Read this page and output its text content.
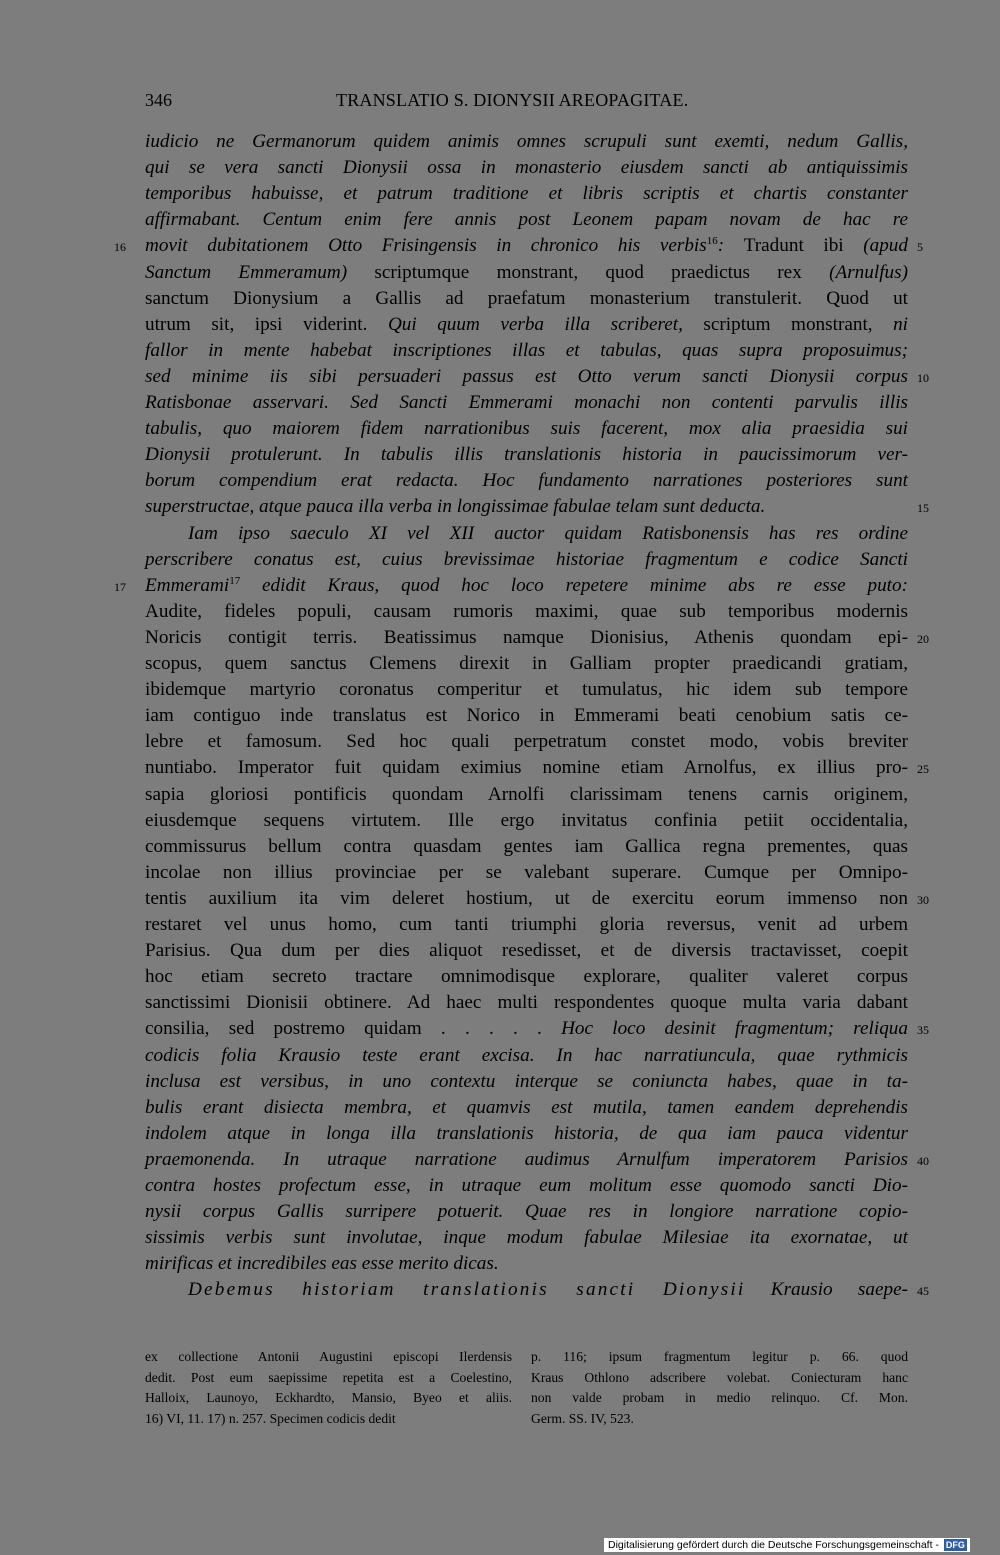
346	TRANSLATIO S. DIONYSII AREOPAGITAE.
iudicio ne Germanorum quidem animis omnes scrupuli sunt exemti, nedum Gallis,
qui se vera sancti Dionysii ossa in monasterio eiusdem sancti ab antiquissimis
temporibus habuisse, et patrum traditione et libris scriptis et chartis constanter
affirmabant. Centum enim fere annis post Leonem papam novam de hac re
movit dubitationem Otto Frisingensis in chronico his verbis$^{16}$: Tradunt ibi (apud
Sanctum Emmeramum) scriptumque monstrant, quod praedictus rex (Arnulfus)
sanctum Dionysium a Gallis ad praefatum monasterium transtulerit. Quod ut
utrum sit, ipsi viderint. Qui quum verba illa scriberet, scriptum monstrant, ni
fallor in mente habebat inscriptiones illas et tabulas, quas supra proposuimus;
sed minime iis sibi persuaderi passus est Otto verum sancti Dionysii corpus
Ratisbonae asservari. Sed Sancti Emmerami monachi non contenti parvulis illis
tabulis, quo maiorem fidem narrationibus suis facerent, mox alia praesidia sui
Dionysii protulerunt. In tabulis illis translationis historia in paucissimorum ver-
borum compendium erat redacta. Hoc fundamento narrationes posteriores sunt
superstructae, atque pauca illa verba in longissimae fabulae telam sunt deducta.
Iam ipso saeculo XI vel XII auctor quidam Ratisbonensis has res ordine
perscribere conatus est, cuius brevissimae historiae fragmentum e codice Sancti
Emmerami$^{17}$ edidit Kraus, quod hoc loco repetere minime abs re esse puto:
Audite, fideles populi, causam rumoris maximi, quae sub temporibus modernis
Noricis contigit terris. Beatissimus namque Dionisius, Athenis quondam epi-
scopus, quem sanctus Clemens direxit in Galliam propter praedicandi gratiam,
ibidemque martyrio coronatus comperitur et tumulatus, hic idem sub tempore
iam contiguo inde translatus est Norico in Emmerami beati cenobium satis ce-
lebre et famosum. Sed hoc quali perpetratum constet modo, vobis breviter
nuntiabo. Imperator fuit quidam eximius nomine etiam Arnolfus, ex illius pro-
sapia gloriosi pontificis quondam Arnolfi clarissimam tenens carnis originem,
eiusdemque sequens virtutem. Ille ergo invitatus confinia petiit occidentalia,
commissurus bellum contra quasdam gentes iam Gallica regna prementes, quas
incolae non illius provinciae per se valebant superare. Cumque per Omnipo-
tentis auxilium ita vim deleret hostium, ut de exercitu eorum immenso non
restaret vel unus homo, cum tanti triumphi gloria reversus, venit ad urbem
Parisius. Qua dum per dies aliquot resedisset, et de diversis tractavisset, coepit
hoc etiam secreto tractare omnimodisque explorare, qualiter valeret corpus
sanctissimi Dionisii obtinere. Ad haec multi respondentes quoque multa varia dabant
consilia, sed postremo quidam . . . . . Hoc loco desinit fragmentum; reliqua
codicis folia Krausio teste erant excisa. In hac narratiuncula, quae rythmicis
inclusa est versibus, in uno contextu interque se coniuncta habes, quae in ta-
bulis erant disiecta membra, et quamvis est mutila, tamen eandem deprehendis
indolem atque in longa illa translationis historia, de qua iam pauca videntur
praemonenda. In utraque narratione audimus Arnulfum imperatorem Parisios
contra hostes profectum esse, in utraque eum molitum esse quomodo sancti Dio-
nysii corpus Gallis surripere potuerit. Quae res in longiore narratione copio-
sissimis verbis sunt involutae, inque modum fabulae Milesiae ita exornatae, ut
mirificas et incredibiles eas esse merito dicas.
Debemus historiam translationis sancti Dionysii Krausio saepe-
16
17
5
10
15
20
25
30
35
40
45
ex collectione Antonii Augustini episcopi Ilerdensis
dedit. Post eum saepissime repetita est a Coelestino,
Halloix, Launoyo, Eckhardto, Mansio, Byeo et aliis.
16) VI, 11. 17) n. 257. Specimen codicis dedit
p. 116; ipsum fragmentum legitur p. 66. quod
Kraus Othlono adscribere volebat. Coniecturam hanc
non valde probam in medio relinquo. Cf. Mon.
Germ. SS. IV, 523.
Digitalisierung gefördert durch die Deutsche Forschungsgemeinschaft - DFG
